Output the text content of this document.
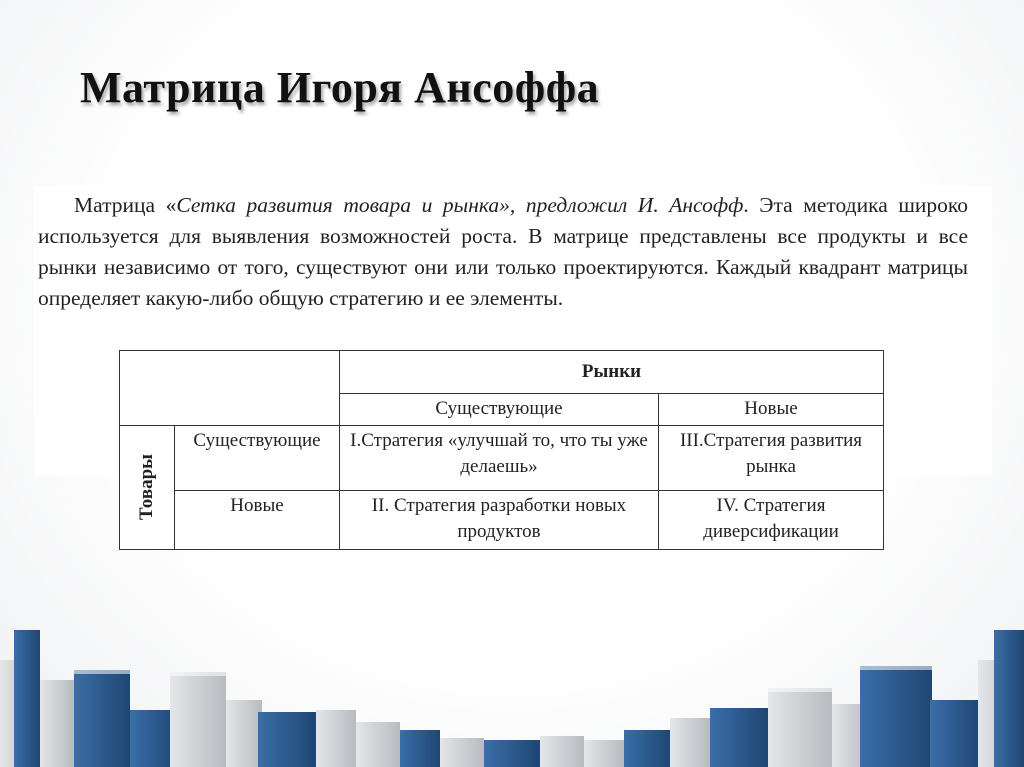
Матрица Игоря Ансоффа
Матрица «Сетка развития товара и рынка», предложил И. Ансофф. Эта методика широко используется для выявления возможностей роста. В матрице представлены все продукты и все рынки независимо от того, существуют они или только проектируются. Каждый квадрант матрицы определяет какую-либо общую стратегию и ее элементы.
		Рынки	
		Существующие	Новые

Товары	Существующие	I.Стратегия «улучшай то, что ты уже делаешь»	III.Стратегия развития рынка
	Новые	II. Стратегия разработки новых продуктов	IV. Стратегия диверсификации
